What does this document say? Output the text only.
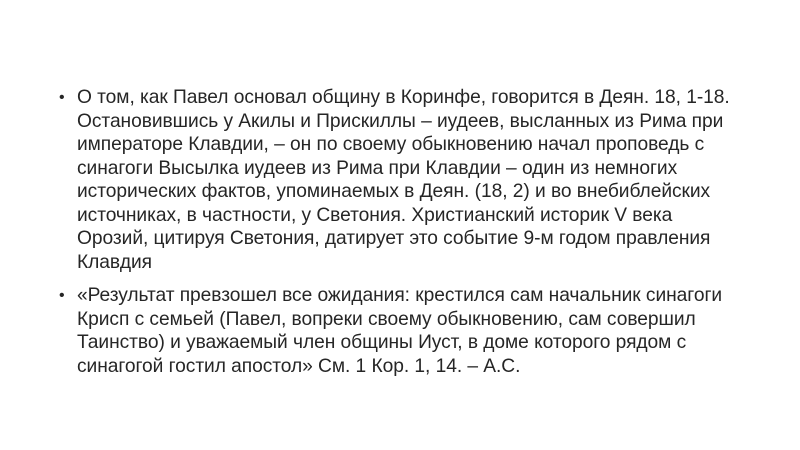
• О том, как Павел основал общину в Коринфе, говорится в Деян. 18, 1-18. Остановившись у Акилы и Прискиллы – иудеев, высланных из Рима при императоре Клавдии, – он по своему обыкновению начал проповедь с синагоги Высылка иудеев из Рима при Клавдии – один из немногих исторических фактов, упоминаемых в Деян. (18, 2) и во внебиблейских источниках, в частности, у Светония. Христианский историк V века Орозий, цитируя Светония, датирует это событие 9-м годом правления Клавдия
• «Результат превзошел все ожидания: крестился сам начальник синагоги Крисп с семьей (Павел, вопреки своему обыкновению, сам совершил Таинство) и уважаемый член общины Иуст, в доме которого рядом с синагогой гостил апостол» См. 1 Кор. 1, 14. – А.С.
